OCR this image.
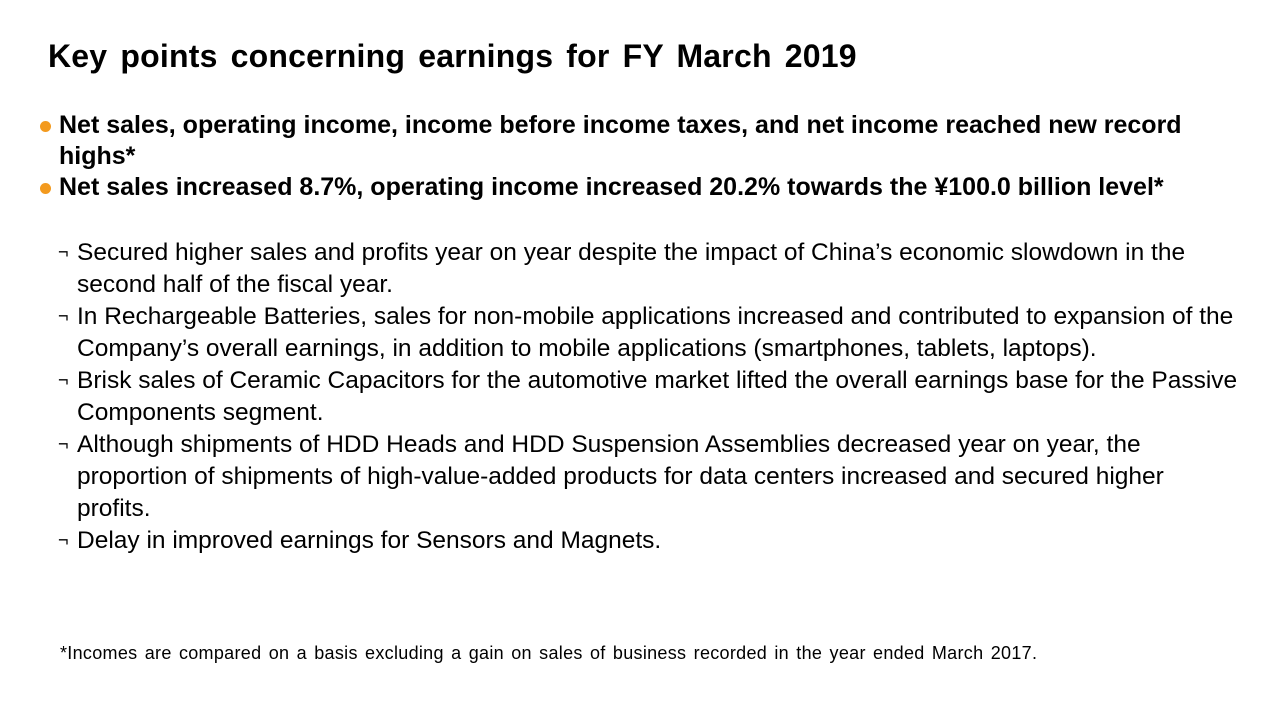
Key points concerning earnings for FY March 2019
Net sales, operating income, income before income taxes, and net income reached new record highs*
Net sales increased 8.7%, operating income increased 20.2% towards the ¥100.0 billion level*
¬ Secured higher sales and profits year on year despite the impact of China’s economic slowdown in the second half of the fiscal year.
¬ In Rechargeable Batteries, sales for non-mobile applications increased and contributed to expansion of the Company’s overall earnings, in addition to mobile applications (smartphones, tablets, laptops).
¬ Brisk sales of Ceramic Capacitors for the automotive market lifted the overall earnings base for the Passive Components segment.
¬ Although shipments of HDD Heads and HDD Suspension Assemblies decreased year on year, the proportion of shipments of high-value-added products for data centers increased and secured higher profits.
¬ Delay in improved earnings for Sensors and Magnets.
*Incomes are compared on a basis excluding a gain on sales of business recorded in the year ended March 2017.
